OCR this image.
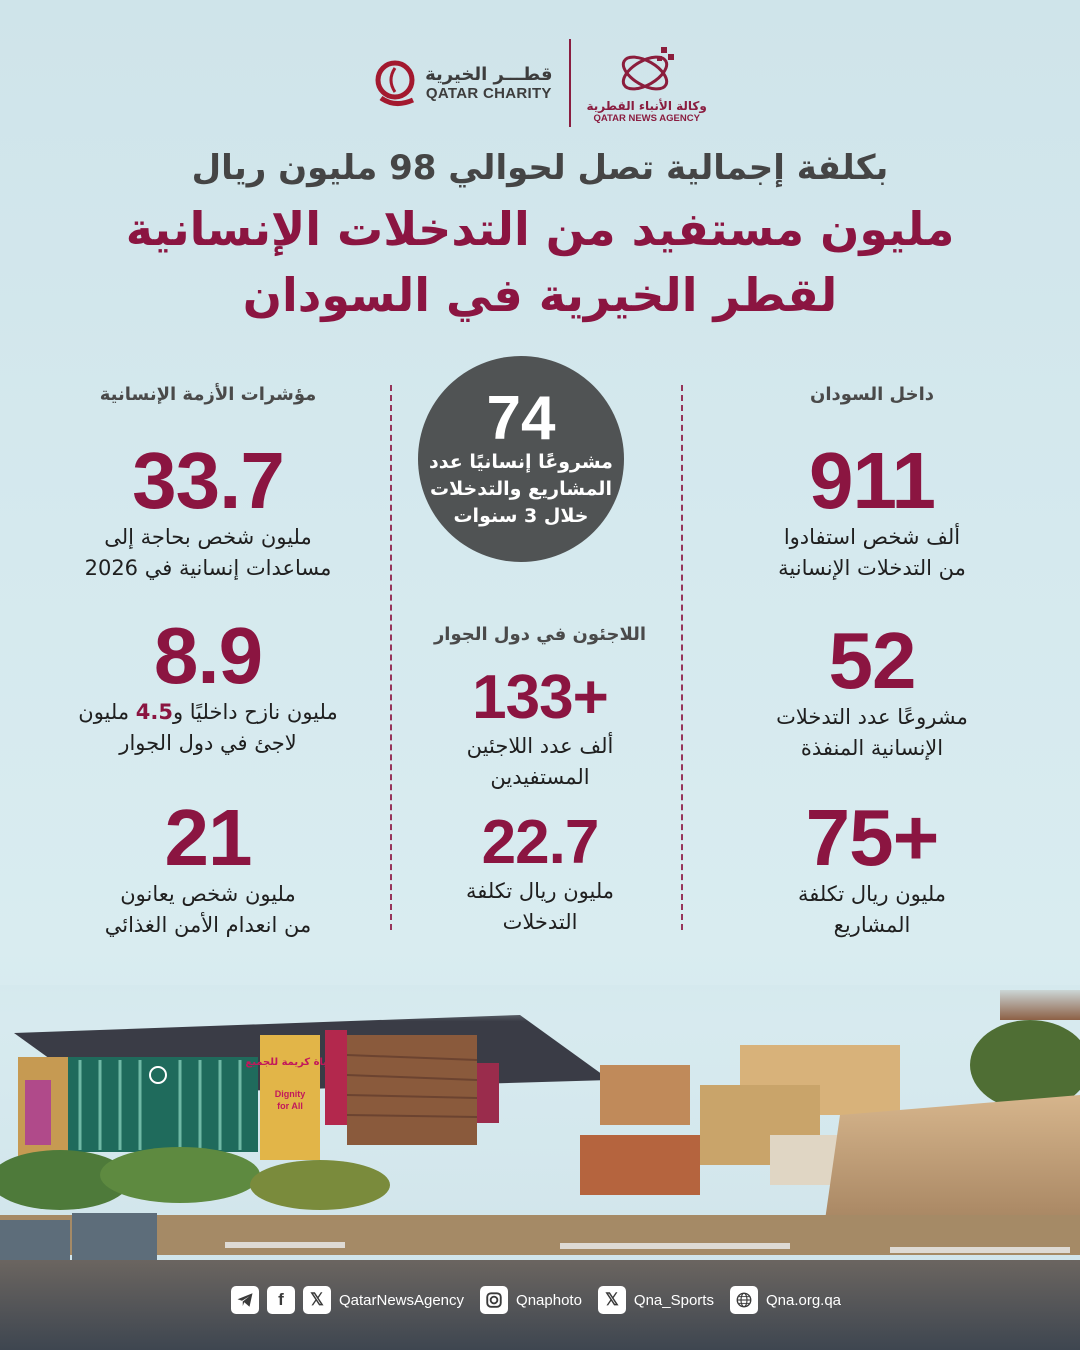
قطـــر الخيرية
QATAR CHARITY
وكالة الأنباء القطرية
QATAR NEWS AGENCY
بكلفة إجمالية تصل لحوالي 98 مليون ريال
مليون مستفيد من التدخلات الإنسانية
لقطر الخيرية في السودان
مؤشرات الأزمة الإنسانية
33.7
مليون شخص بحاجة إلى
مساعدات إنسانية في 2026
8.9
مليون نازح داخليًا و4.5 مليون
لاجئ في دول الجوار
21
مليون شخص يعانون
من انعدام الأمن الغذائي
74
مشروعًا إنسانيًا عدد
المشاريع والتدخلات
خلال 3 سنوات
اللاجئون في دول الجوار
133+
ألف عدد اللاجئين
المستفيدين
22.7
مليون ريال تكلفة
التدخلات
داخل السودان
911
ألف شخص استفادوا
من التدخلات الإنسانية
52
مشروعًا عدد التدخلات
الإنسانية المنفذة
75+
مليون ريال تكلفة
المشاريع
f	𝕏	QatarNewsAgency	Qnaphoto	𝕏	Qna_Sports	Qna.org.qa
